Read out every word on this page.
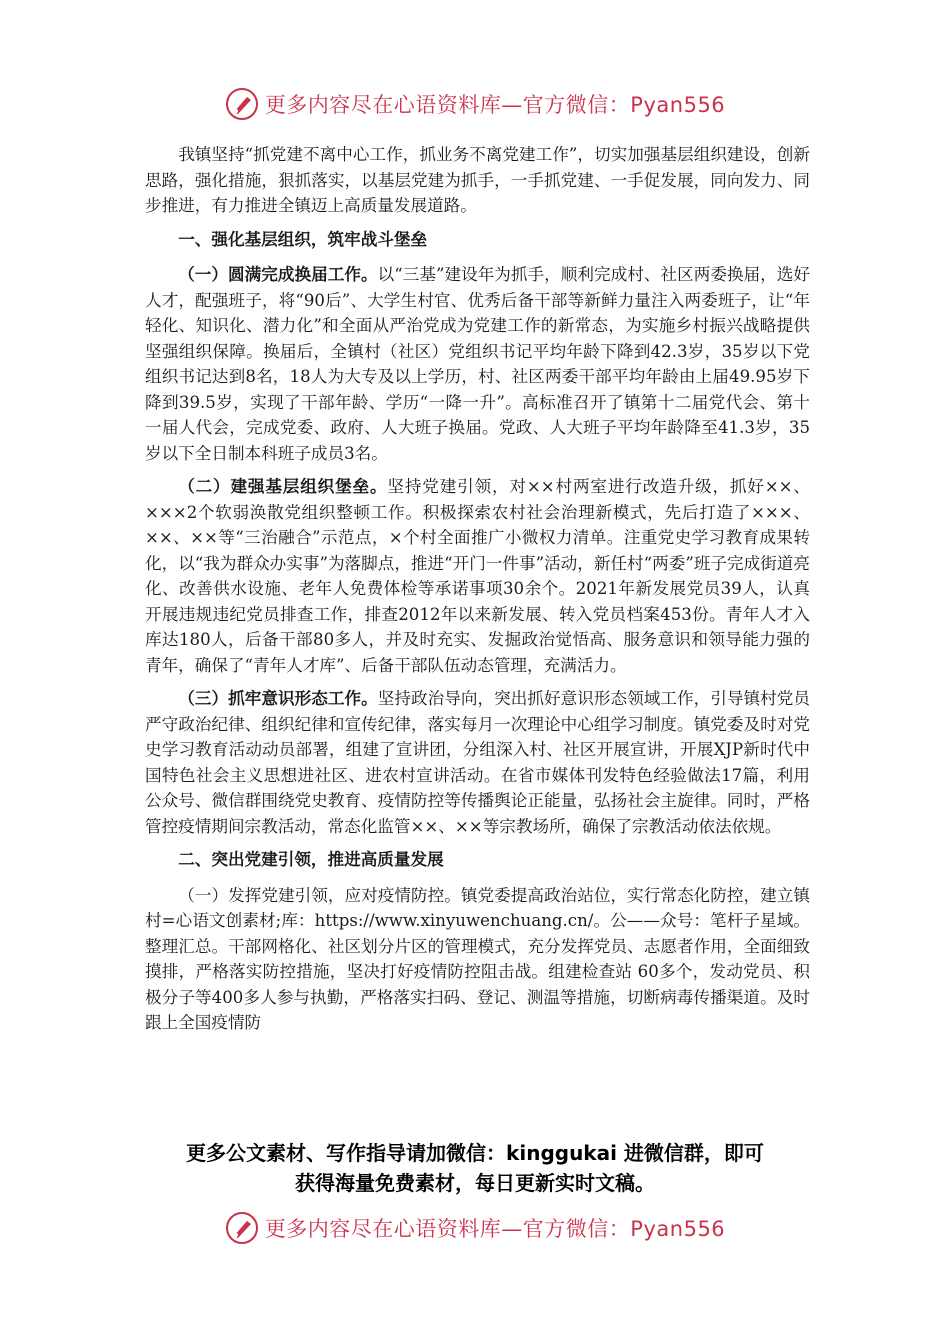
更多内容尽在心语资料库—官方微信：Pyan556

我镇坚持“抓党建不离中心工作，抓业务不离党建工作”，切实加强基层组织建设，创新思路，强化措施，狠抓落实，以基层党建为抓手，一手抓党建、一手促发展，同向发力、同步推进，有力推进全镇迈上高质量发展道路。

一、强化基层组织，筑牢战斗堡垒

（一）圆满完成换届工作。以“三基”建设年为抓手，顺利完成村、社区两委换届，选好人才，配强班子，将“90后”、大学生村官、优秀后备干部等新鲜力量注入两委班子，让“年轻化、知识化、潜力化”和全面从严治党成为党建工作的新常态，为实施乡村振兴战略提供坚强组织保障。换届后，全镇村（社区）党组织书记平均年龄下降到42.3岁，35岁以下党组织书记达到8名，18人为大专及以上学历，村、社区两委干部平均年龄由上届49.95岁下降到39.5岁，实现了干部年龄、学历“一降一升”。高标准召开了镇第十二届党代会、第十一届人代会，完成党委、政府、人大班子换届。党政、人大班子平均年龄降至41.3岁，35岁以下全日制本科班子成员3名。

（二）建强基层组织堡垒。坚持党建引领，对××村两室进行改造升级，抓好××、×××2个软弱涣散党组织整顿工作。积极探索农村社会治理新模式，先后打造了×××、××、××等“三治融合”示范点，×个村全面推广小微权力清单。注重党史学习教育成果转化，以“我为群众办实事”为落脚点，推进“开门一件事”活动，新任村“两委”班子完成街道亮化、改善供水设施、老年人免费体检等承诺事项30余个。2021年新发展党员39人，认真开展违规违纪党员排查工作，排查2012年以来新发展、转入党员档案453份。青年人才入库达180人，后备干部80多人，并及时充实、发掘政治觉悟高、服务意识和领导能力强的青年，确保了“青年人才库”、后备干部队伍动态管理，充满活力。

（三）抓牢意识形态工作。坚持政治导向，突出抓好意识形态领域工作，引导镇村党员严守政治纪律、组织纪律和宣传纪律，落实每月一次理论中心组学习制度。镇党委及时对党史学习教育活动动员部署，组建了宣讲团，分组深入村、社区开展宣讲，开展XJP新时代中国特色社会主义思想进社区、进农村宣讲活动。在省市媒体刊发特色经验做法17篇，利用公众号、微信群围绕党史教育、疫情防控等传播舆论正能量，弘扬社会主旋律。同时，严格管控疫情期间宗教活动，常态化监管××、××等宗教场所，确保了宗教活动依法依规。

二、突出党建引领，推进高质量发展

（一）发挥党建引领，应对疫情防控。镇党委提高政治站位，实行常态化防控，建立镇村=心语文创素材;库：https://www.xinyuwenchuang.cn/。公——众号：笔杆子星域。整理汇总。干部网格化、社区划分片区的管理模式，充分发挥党员、志愿者作用，全面细致摸排，严格落实防控措施，坚决打好疫情防控阻击战。组建检查站 60多个，发动党员、积极分子等400多人参与执勤，严格落实扫码、登记、测温等措施，切断病毒传播渠道。及时跟上全国疫情防

更多公文素材、写作指导请加微信：kinggukai 进微信群，即可
获得海量免费素材，每日更新实时文稿。
更多内容尽在心语资料库—官方微信：Pyan556
